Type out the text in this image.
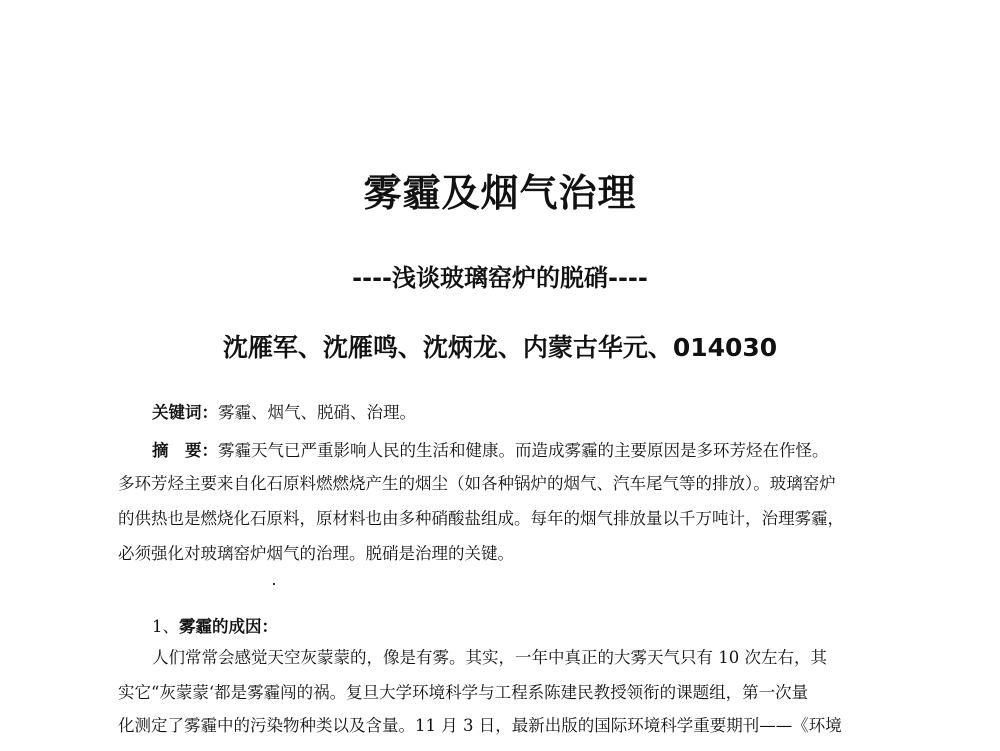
雾霾及烟气治理
----浅谈玻璃窑炉的脱硝----
沈雁军、沈雁鸣、沈炳龙、内蒙古华元、014030
关键词：雾霾、烟气、脱硝、治理。
摘　要：雾霾天气已严重影响人民的生活和健康。而造成雾霾的主要原因是多环芳烃在作怪。
多环芳烃主要来自化石原料燃燃烧产生的烟尘（如各种锅炉的烟气、汽车尾气等的排放）。玻璃窑炉
的供热也是燃烧化石原料，原材料也由多种硝酸盐组成。每年的烟气排放量以千万吨计，治理雾霾，
必须强化对玻璃窑炉烟气的治理。脱硝是治理的关键。
1、雾霾的成因：
人们常常会感觉天空灰蒙蒙的，像是有雾。其实，一年中真正的大雾天气只有 10 次左右，其
实它“灰蒙蒙‘都是雾霾闯的祸。复旦大学环境科学与工程系陈建民教授领衔的课题组，第一次量
化测定了雾霾中的污染物种类以及含量。11 月 3 日，最新出版的国际环境科学重要期刊——《环境
